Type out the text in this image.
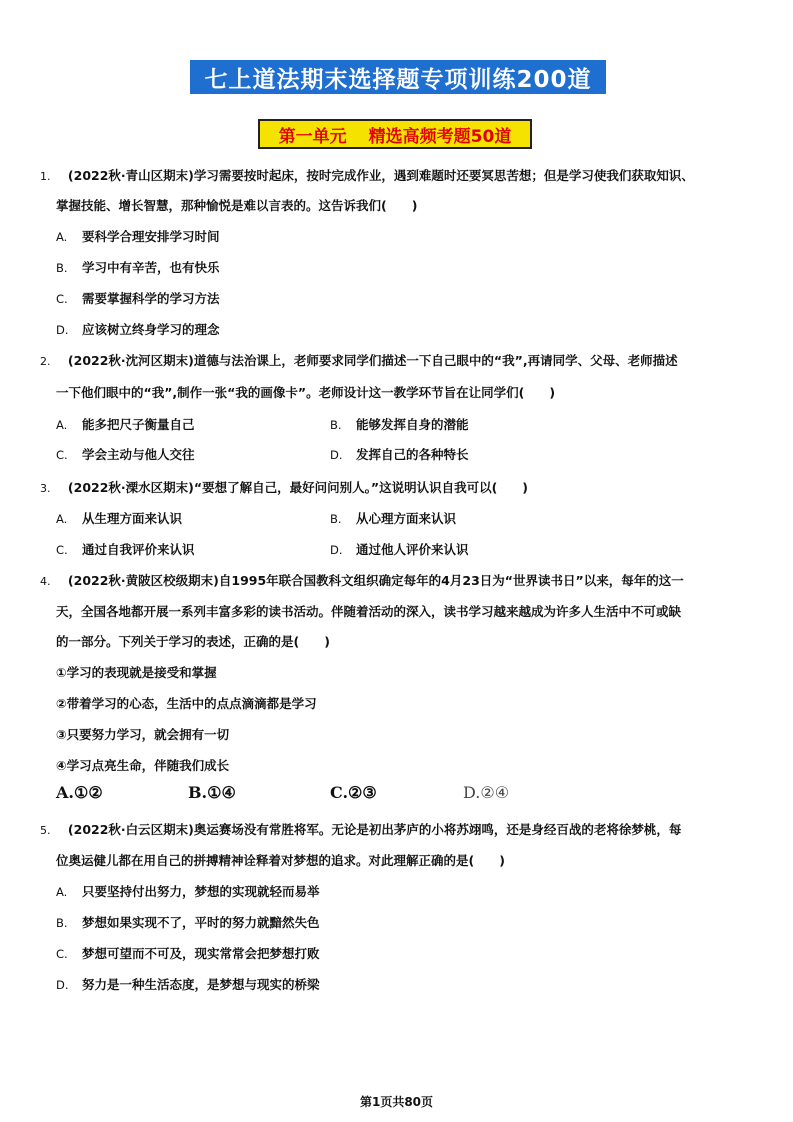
七上道法期末选择题专项训练200道
第一单元 精选高频考题50道
1. (2022秋·青山区期末)学习需要按时起床，按时完成作业，遇到难题时还要冥思苦想；但是学习使我们获取知识、
掌握技能、增长智慧，那种愉悦是难以言表的。这告诉我们(　　)
A. 要科学合理安排学习时间
B. 学习中有辛苦，也有快乐
C. 需要掌握科学的学习方法
D. 应该树立终身学习的理念
2. (2022秋·沈河区期末)道德与法治课上，老师要求同学们描述一下自己眼中的“我”,再请同学、父母、老师描述
一下他们眼中的“我”,制作一张“我的画像卡”。老师设计这一教学环节旨在让同学们(　　)
A. 能多把尺子衡量自己	B. 能够发挥自身的潜能
C. 学会主动与他人交往	D. 发挥自己的各种特长
3. (2022秋·溧水区期末)“要想了解自己，最好问问别人。”这说明认识自我可以(　　)
A. 从生理方面来认识	B. 从心理方面来认识
C. 通过自我评价来认识	D. 通过他人评价来认识
4. (2022秋·黄陂区校级期末)自1995年联合国教科文组织确定每年的4月23日为“世界读书日”以来，每年的这一
天，全国各地都开展一系列丰富多彩的读书活动。伴随着活动的深入，读书学习越来越成为许多人生活中不可或缺
的一部分。下列关于学习的表述，正确的是(　　)
①学习的表现就是接受和掌握
②带着学习的心态，生活中的点点滴滴都是学习
③只要努力学习，就会拥有一切
④学习点亮生命，伴随我们成长
A.①②	B.①④	C.②③	D.②④
5. (2022秋·白云区期末)奥运赛场没有常胜将军。无论是初出茅庐的小将苏翊鸣，还是身经百战的老将徐梦桃，每
位奥运健儿都在用自己的拼搏精神诠释着对梦想的追求。对此理解正确的是(　　)
A. 只要坚持付出努力，梦想的实现就轻而易举
B. 梦想如果实现不了，平时的努力就黯然失色
C. 梦想可望而不可及，现实常常会把梦想打败
D. 努力是一种生活态度，是梦想与现实的桥梁
第1页共80页
